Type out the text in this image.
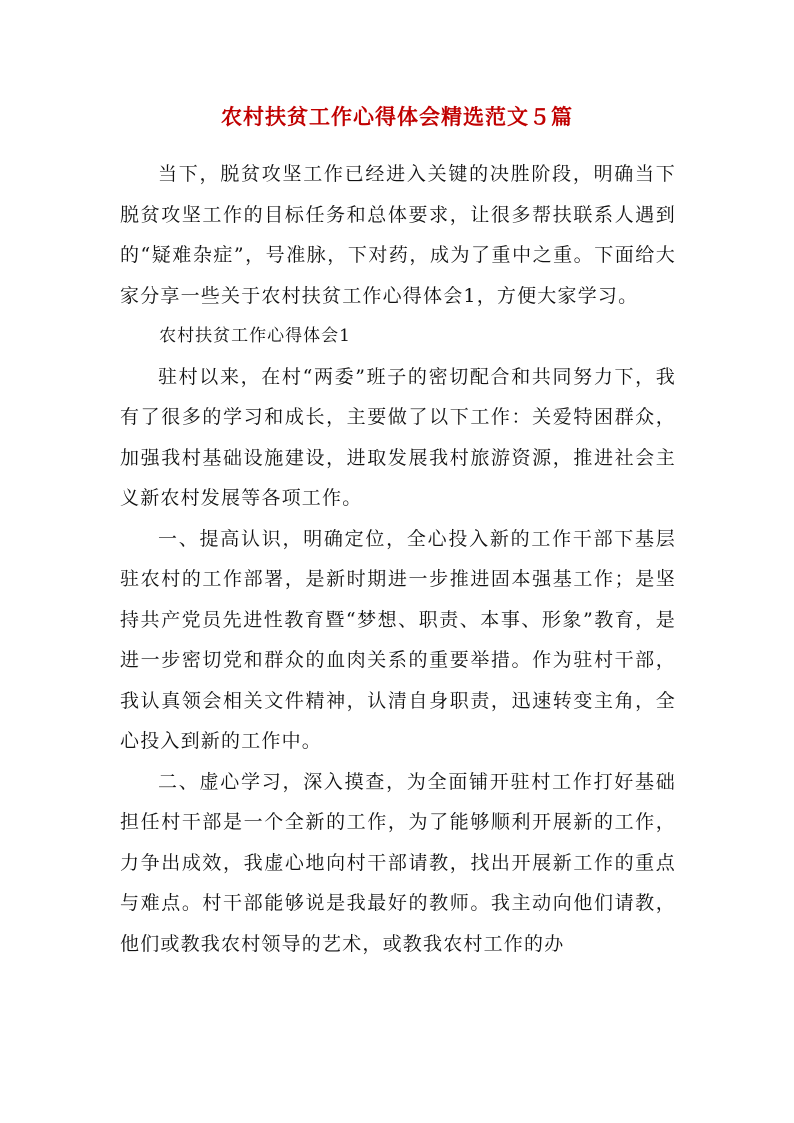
农村扶贫工作心得体会精选范文５篇

当下，脱贫攻坚工作已经进入关键的决胜阶段，明确当下脱贫攻坚工作的目标任务和总体要求，让很多帮扶联系人遇到的“疑难杂症”，号准脉，下对药，成为了重中之重。下面给大家分享一些关于农村扶贫工作心得体会1，方便大家学习。

农村扶贫工作心得体会1

驻村以来，在村“两委”班子的密切配合和共同努力下，我有了很多的学习和成长，主要做了以下工作：关爱特困群众，加强我村基础设施建设，进取发展我村旅游资源，推进社会主义新农村发展等各项工作。

一、提高认识，明确定位，全心投入新的工作干部下基层驻农村的工作部署，是新时期进一步推进固本强基工作；是坚持共产党员先进性教育暨“梦想、职责、本事、形象”教育，是进一步密切党和群众的血肉关系的重要举措。作为驻村干部，我认真领会相关文件精神，认清自身职责，迅速转变主角，全心投入到新的工作中。

二、虚心学习，深入摸查，为全面铺开驻村工作打好基础担任村干部是一个全新的工作，为了能够顺利开展新的工作，力争出成效，我虚心地向村干部请教，找出开展新工作的重点与难点。村干部能够说是我最好的教师。我主动向他们请教，他们或教我农村领导的艺术，或教我农村工作的办
